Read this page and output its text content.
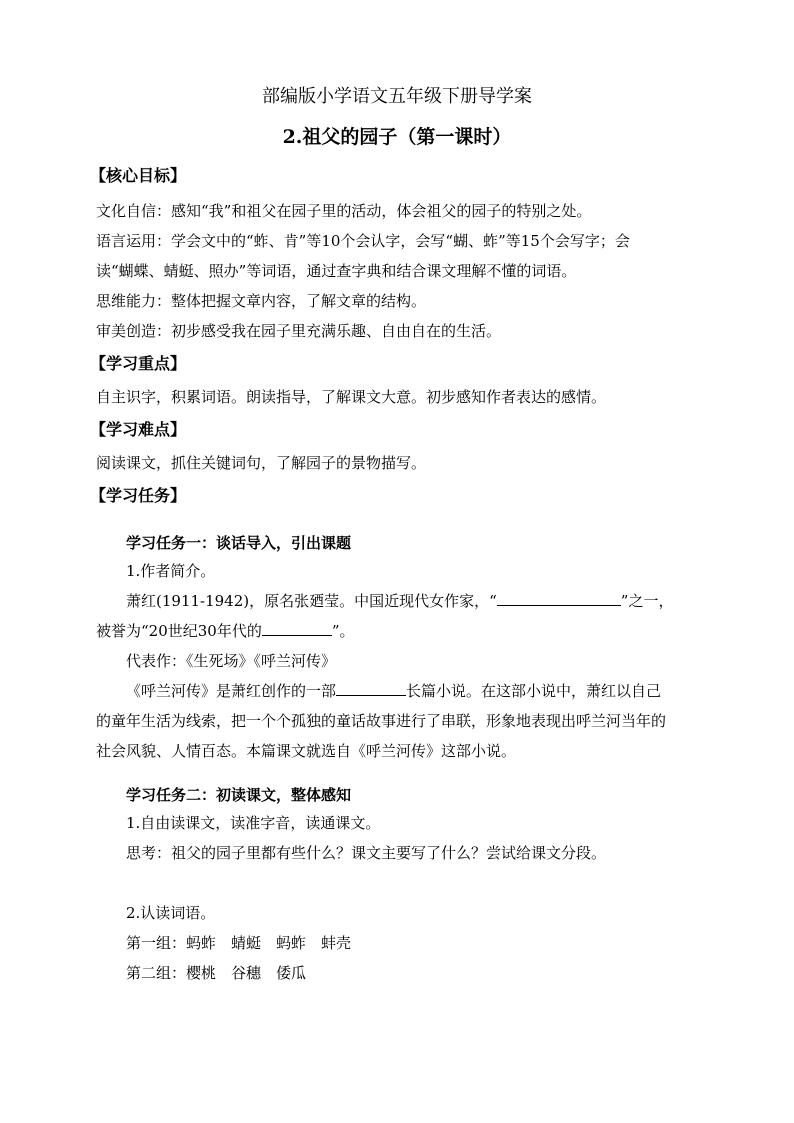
部编版小学语文五年级下册导学案
2.祖父的园子（第一课时）
【核心目标】

文化自信：感知“我”和祖父在园子里的活动，体会祖父的园子的特别之处。

语言运用：学会文中的“蚱、肯”等10个会认字，会写“蝴、蚱”等15个会写字；会

读“蝴蝶、蜻蜓、照办”等词语，通过查字典和结合课文理解不懂的词语。

思维能力：整体把握文章内容，了解文章的结构。

审美创造：初步感受我在园子里充满乐趣、自由自在的生活。

【学习重点】

自主识字，积累词语。朗读指导，了解课文大意。初步感知作者表达的感情。

【学习难点】

阅读课文，抓住关键词句，了解园子的景物描写。

【学习任务】

学习任务一：谈话导入，引出课题

1.作者简介。

萧红(1911-1942)，原名张廼莹。中国近现代女作家，“	”之一，

被誉为“20世纪30年代的	”。

代表作：《生死场》《呼兰河传》

《呼兰河传》是萧红创作的一部	长篇小说。在这部小说中，萧红以自己

的童年生活为线索，把一个个孤独的童话故事进行了串联，形象地表现出呼兰河当年的

社会风貌、人情百态。本篇课文就选自《呼兰河传》这部小说。

学习任务二：初读课文，整体感知

1.自由读课文，读准字音，读通课文。

思考：祖父的园子里都有些什么？课文主要写了什么？尝试给课文分段。

2.认读词语。

第一组：蚂蚱　蜻蜓　蚂蚱　蚌壳

第二组：樱桃　谷穗　倭瓜
